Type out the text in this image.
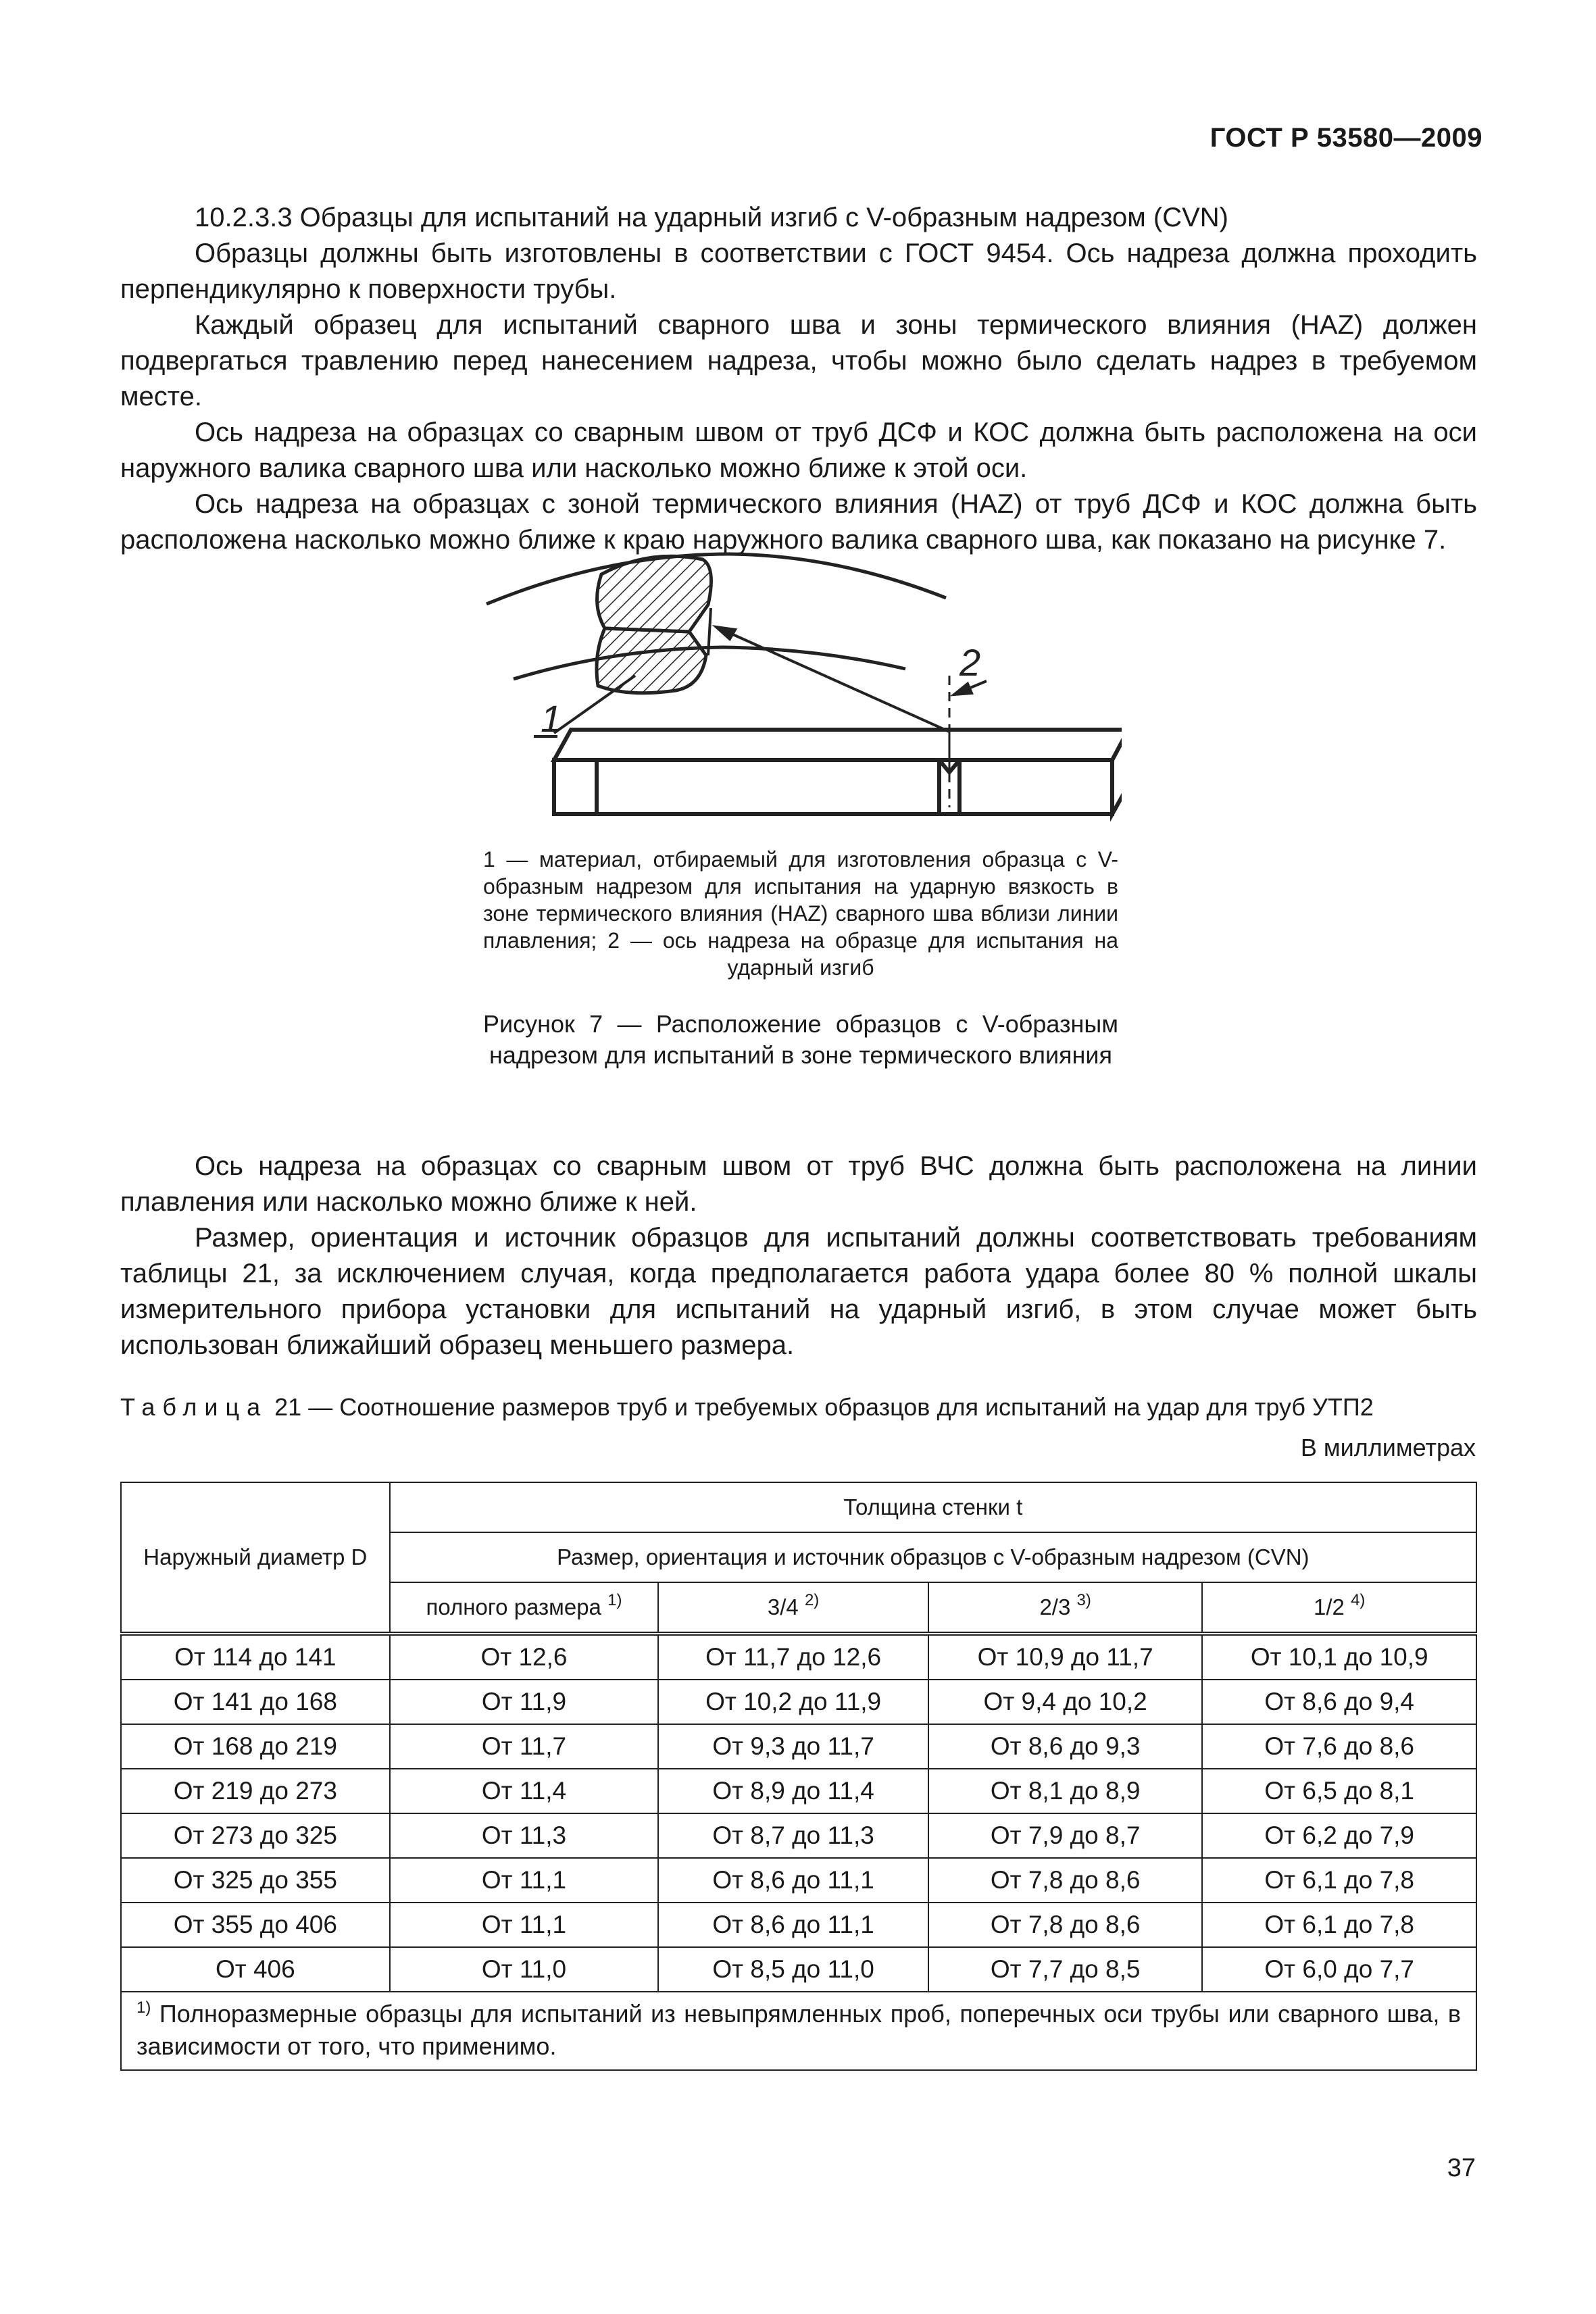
ГОСТ Р 53580—2009

10.2.3.3 Образцы для испытаний на ударный изгиб с V-образным надрезом (CVN)

Образцы должны быть изготовлены в соответствии с ГОСТ 9454. Ось надреза должна проходить перпендикулярно к поверхности трубы.

Каждый образец для испытаний сварного шва и зоны термического влияния (HAZ) должен подвергаться травлению перед нанесением надреза, чтобы можно было сделать надрез в требуемом месте.

Ось надреза на образцах со сварным швом от труб ДСФ и КОС должна быть расположена на оси наружного валика сварного шва или насколько можно ближе к этой оси.

Ось надреза на образцах с зоной термического влияния (HAZ) от труб ДСФ и КОС должна быть расположена насколько можно ближе к краю наружного валика сварного шва, как показано на рисунке 7.

2
1
1 — материал, отбираемый для изготовления образца с V-образным надрезом для испытания на ударную вязкость в зоне термического влияния (HAZ) сварного шва вблизи линии плавления; 2 — ось надреза на образце для испытания на ударный изгиб
Рисунок 7 — Расположение образцов с V-образным надрезом для испытаний в зоне термического влияния

Ось надреза на образцах со сварным швом от труб ВЧС должна быть расположена на линии плавления или насколько можно ближе к ней.

Размер, ориентация и источник образцов для испытаний должны соответствовать требованиям таблицы 21, за исключением случая, когда предполагается работа удара более 80 % полной шкалы измерительного прибора установки для испытаний на ударный изгиб, в этом случае может быть использован ближайший образец меньшего размера.

Таблица 21 — Соотношение размеров труб и требуемых образцов для испытаний на удар для труб УТП2
В миллиметрах
Наружный диаметр D	Толщина стенки t			
	Размер, ориентация и источник образцов с V-образным надрезом (CVN)			
	полного размера $^{1)}$	3/4 $^{2)}$	2/3 $^{3)}$	1/2 $^{4)}$
От 114 до 141	От 12,6	От 11,7 до 12,6	От 10,9 до 11,7	От 10,1 до 10,9
От 141 до 168	От 11,9	От 10,2 до 11,9	От 9,4 до 10,2	От 8,6 до 9,4
От 168 до 219	От 11,7	От 9,3 до 11,7	От 8,6 до 9,3	От 7,6 до 8,6
От 219 до 273	От 11,4	От 8,9 до 11,4	От 8,1 до 8,9	От 6,5 до 8,1
От 273 до 325	От 11,3	От 8,7 до 11,3	От 7,9 до 8,7	От 6,2 до 7,9
От 325 до 355	От 11,1	От 8,6 до 11,1	От 7,8 до 8,6	От 6,1 до 7,8
От 355 до 406	От 11,1	От 8,6 до 11,1	От 7,8 до 8,6	От 6,1 до 7,8
От 406	От 11,0	От 8,5 до 11,0	От 7,7 до 8,5	От 6,0 до 7,7
$^{1)}$ Полноразмерные образцы для испытаний из невыпрямленных проб, поперечных оси трубы или сварного шва, в зависимости от того, что применимо.				
37
